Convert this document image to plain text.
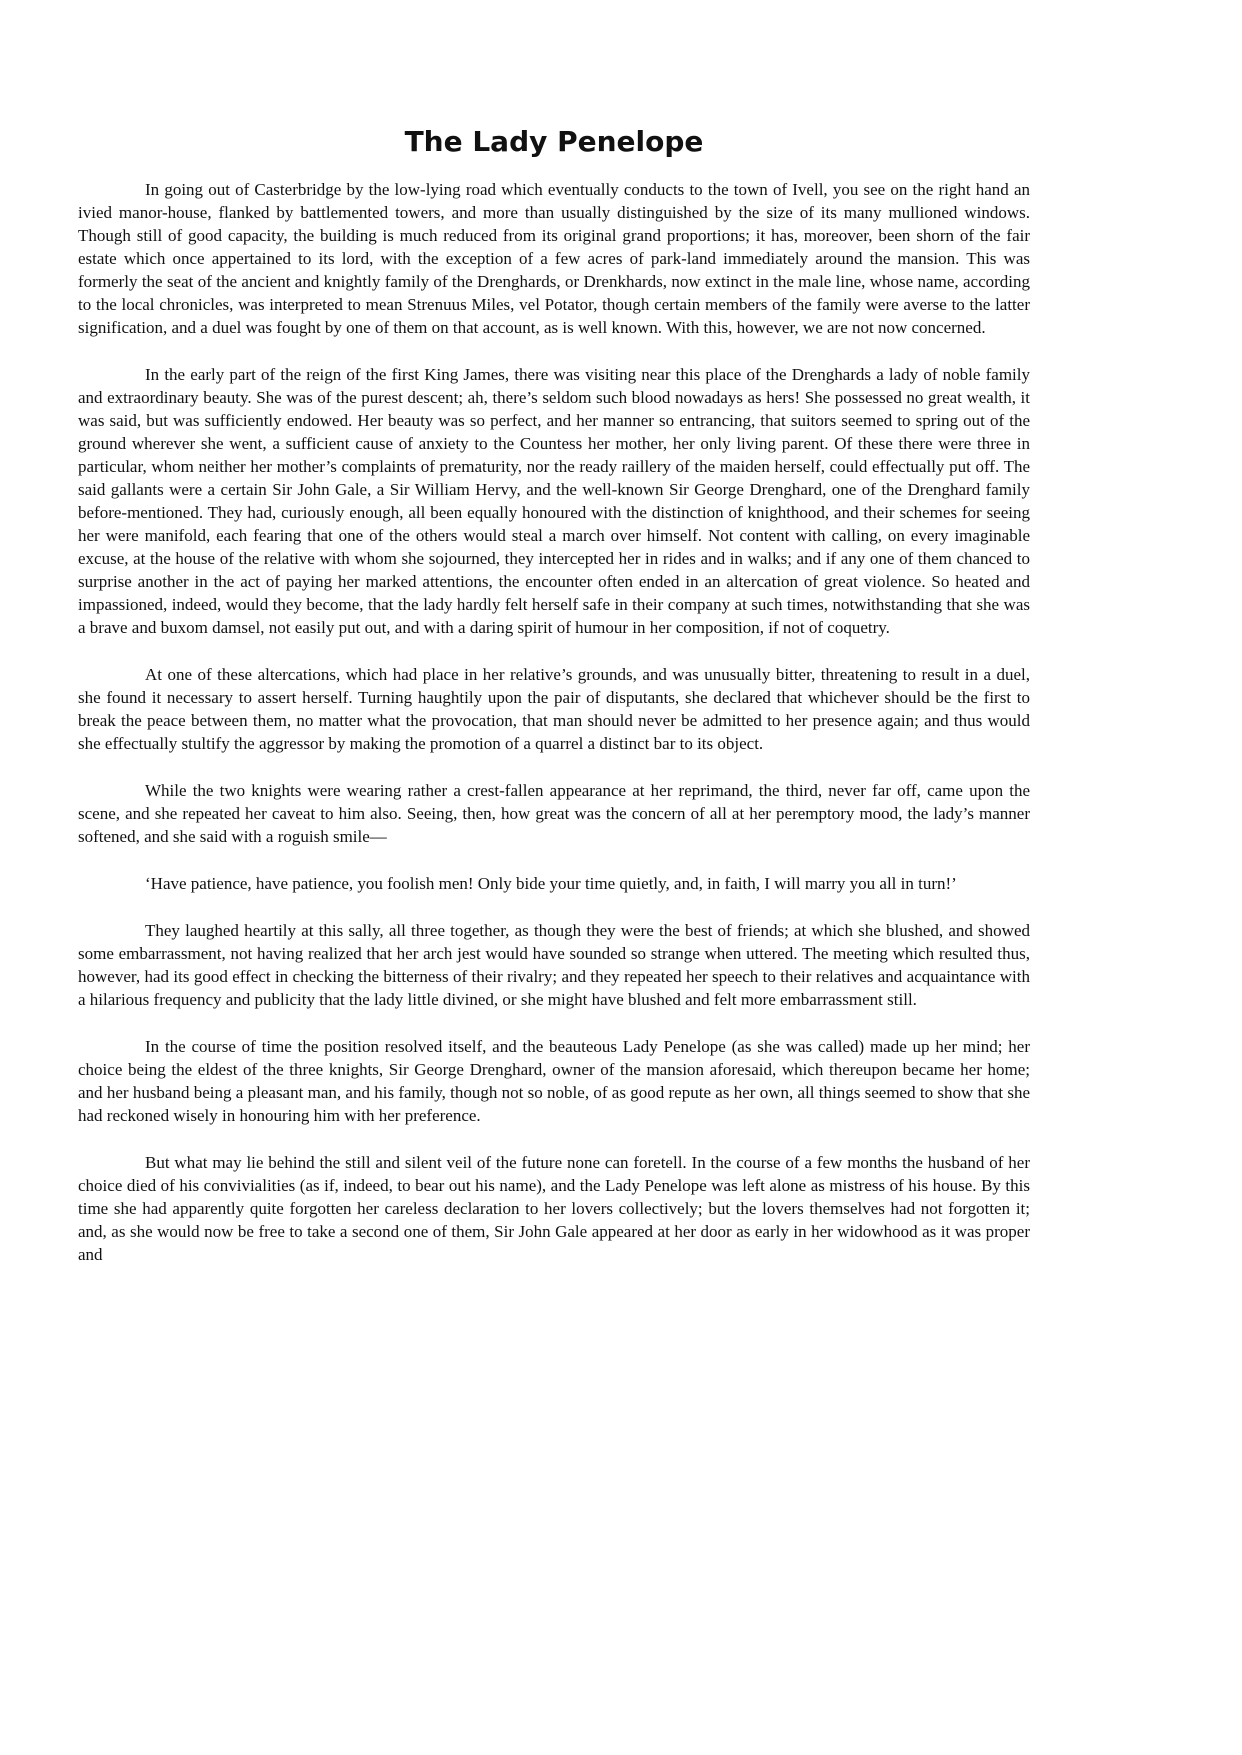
The Lady Penelope

In going out of Casterbridge by the low-lying road which eventually conducts to the town of Ivell, you see on the right hand an ivied manor-house, flanked by battlemented towers, and more than usually distinguished by the size of its many mullioned windows. Though still of good capacity, the building is much reduced from its original grand proportions; it has, moreover, been shorn of the fair estate which once appertained to its lord, with the exception of a few acres of park-land immediately around the mansion. This was formerly the seat of the ancient and knightly family of the Drenghards, or Drenkhards, now extinct in the male line, whose name, according to the local chronicles, was interpreted to mean Strenuus Miles, vel Potator, though certain members of the family were averse to the latter signification, and a duel was fought by one of them on that account, as is well known. With this, however, we are not now concerned.

In the early part of the reign of the first King James, there was visiting near this place of the Drenghards a lady of noble family and extraordinary beauty. She was of the purest descent; ah, there’s seldom such blood nowadays as hers! She possessed no great wealth, it was said, but was sufficiently endowed. Her beauty was so perfect, and her manner so entrancing, that suitors seemed to spring out of the ground wherever she went, a sufficient cause of anxiety to the Countess her mother, her only living parent. Of these there were three in particular, whom neither her mother’s complaints of prematurity, nor the ready raillery of the maiden herself, could effectually put off. The said gallants were a certain Sir John Gale, a Sir William Hervy, and the well-known Sir George Drenghard, one of the Drenghard family before-mentioned. They had, curiously enough, all been equally honoured with the distinction of knighthood, and their schemes for seeing her were manifold, each fearing that one of the others would steal a march over himself. Not content with calling, on every imaginable excuse, at the house of the relative with whom she sojourned, they intercepted her in rides and in walks; and if any one of them chanced to surprise another in the act of paying her marked attentions, the encounter often ended in an altercation of great violence. So heated and impassioned, indeed, would they become, that the lady hardly felt herself safe in their company at such times, notwithstanding that she was a brave and buxom damsel, not easily put out, and with a daring spirit of humour in her composition, if not of coquetry.

At one of these altercations, which had place in her relative’s grounds, and was unusually bitter, threatening to result in a duel, she found it necessary to assert herself. Turning haughtily upon the pair of disputants, she declared that whichever should be the first to break the peace between them, no matter what the provocation, that man should never be admitted to her presence again; and thus would she effectually stultify the aggressor by making the promotion of a quarrel a distinct bar to its object.

While the two knights were wearing rather a crest-fallen appearance at her reprimand, the third, never far off, came upon the scene, and she repeated her caveat to him also. Seeing, then, how great was the concern of all at her peremptory mood, the lady’s manner softened, and she said with a roguish smile—

‘Have patience, have patience, you foolish men! Only bide your time quietly, and, in faith, I will marry you all in turn!’

They laughed heartily at this sally, all three together, as though they were the best of friends; at which she blushed, and showed some embarrassment, not having realized that her arch jest would have sounded so strange when uttered. The meeting which resulted thus, however, had its good effect in checking the bitterness of their rivalry; and they repeated her speech to their relatives and acquaintance with a hilarious frequency and publicity that the lady little divined, or she might have blushed and felt more embarrassment still.

In the course of time the position resolved itself, and the beauteous Lady Penelope (as she was called) made up her mind; her choice being the eldest of the three knights, Sir George Drenghard, owner of the mansion aforesaid, which thereupon became her home; and her husband being a pleasant man, and his family, though not so noble, of as good repute as her own, all things seemed to show that she had reckoned wisely in honouring him with her preference.

But what may lie behind the still and silent veil of the future none can foretell. In the course of a few months the husband of her choice died of his convivialities (as if, indeed, to bear out his name), and the Lady Penelope was left alone as mistress of his house. By this time she had apparently quite forgotten her careless declaration to her lovers collectively; but the lovers themselves had not forgotten it; and, as she would now be free to take a second one of them, Sir John Gale appeared at her door as early in her widowhood as it was proper and
